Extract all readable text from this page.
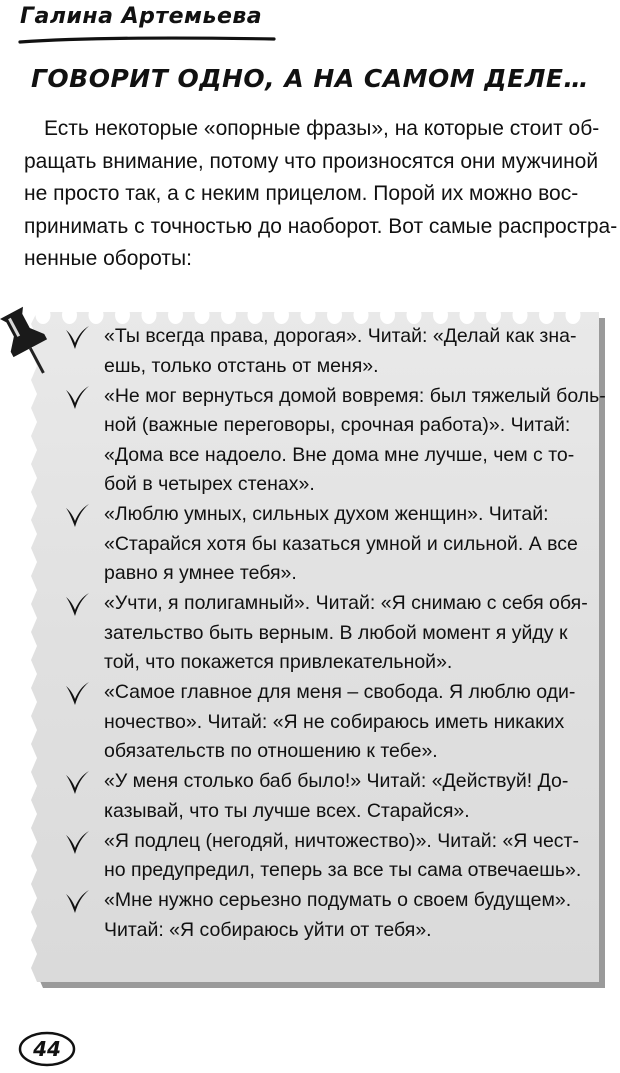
Галина Артемьева
ГОВОРИТ ОДНО, А НА САМОМ ДЕЛЕ…
Есть некоторые «опорные фразы», на которые стоит об-
ращать внимание, потому что произносятся они мужчиной
не просто так, а с неким прицелом. Порой их можно вос-
принимать с точностью до наоборот. Вот самые распростра-
ненные обороты:
«Ты всегда права, дорогая». Читай: «Делай как зна-
ешь, только отстань от меня».
«Не мог вернуться домой вовремя: был тяжелый боль-
ной (важные переговоры, срочная работа)». Читай:
«Дома все надоело. Вне дома мне лучше, чем с то-
бой в четырех стенах».
«Люблю умных, сильных духом женщин». Читай:
«Старайся хотя бы казаться умной и сильной. А все
равно я умнее тебя».
«Учти, я полигамный». Читай: «Я снимаю с себя обя-
зательство быть верным. В любой момент я уйду к
той, что покажется привлекательной».
«Самое главное для меня – свобода. Я люблю оди-
ночество». Читай: «Я не собираюсь иметь никаких
обязательств по отношению к тебе».
«У меня столько баб было!» Читай: «Действуй! До-
казывай, что ты лучше всех. Старайся».
«Я подлец (негодяй, ничтожество)». Читай: «Я чест-
но предупредил, теперь за все ты сама отвечаешь».
«Мне нужно серьезно подумать о своем будущем».
Читай: «Я собираюсь уйти от тебя».
44
